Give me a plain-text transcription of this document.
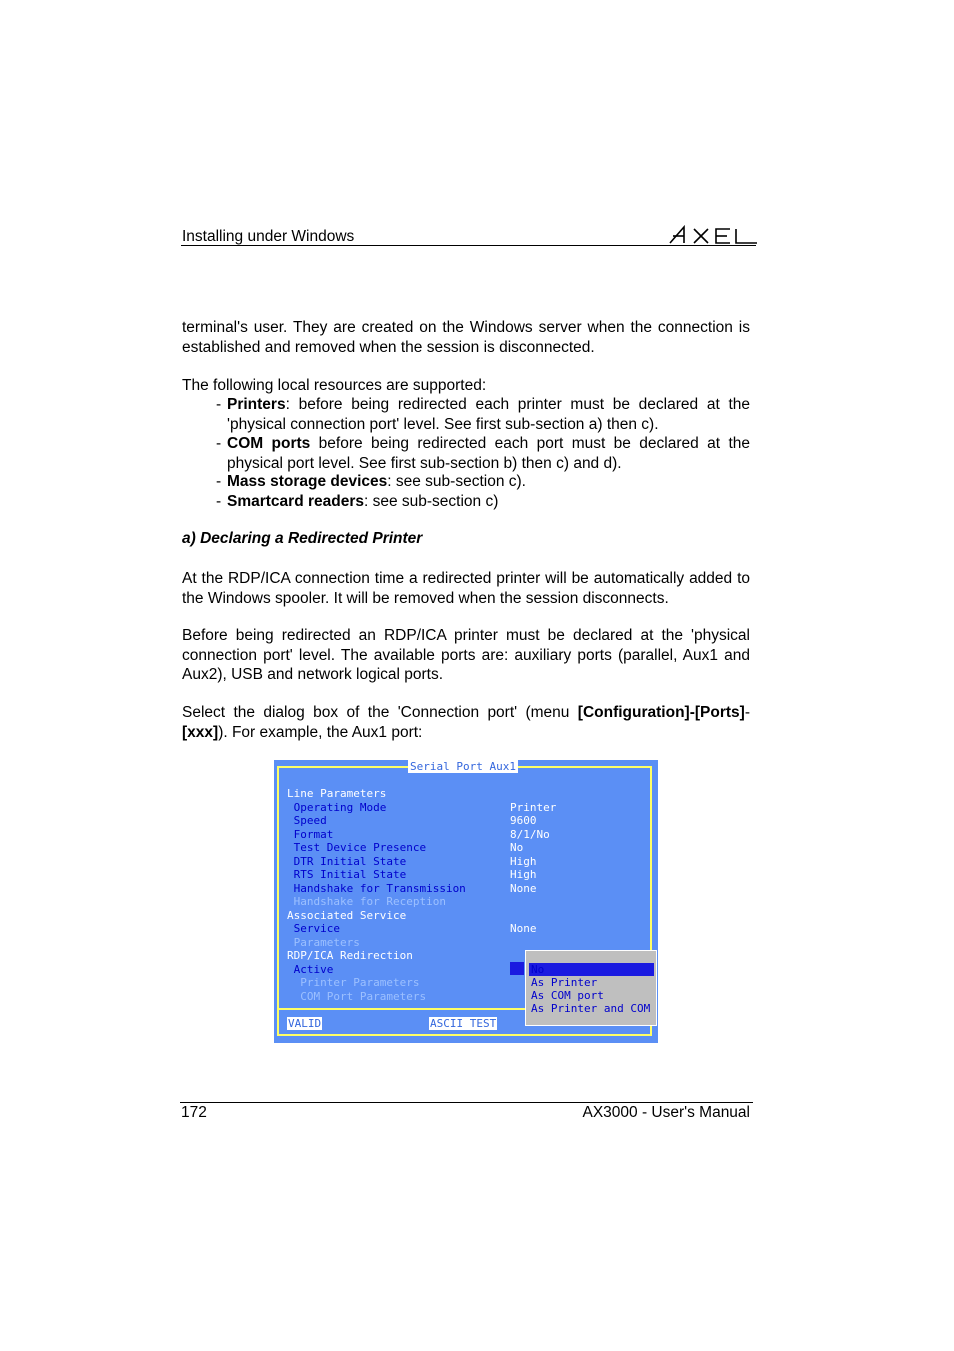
Installing under Windows
terminal's user. They are created on the Windows server when the connection is established and removed when the session is disconnected.
The following local resources are supported:
- Printers: before being redirected each printer must be declared at the 'physical connection port' level. See first sub-section a) then c).
- COM ports before being redirected each port must be declared at the physical port level. See first sub-section b) then c) and d).
- Mass storage devices: see sub-section c).
- Smartcard readers: see sub-section c)
a) Declaring a Redirected Printer
At the RDP/ICA connection time a redirected printer will be automatically added to the Windows spooler. It will be removed when the session disconnects.
Before being redirected an RDP/ICA printer must be declared at the 'physical connection port' level. The available ports are: auxiliary ports (parallel, Aux1 and Aux2), USB and network logical ports.
Select the dialog box of the 'Connection port' (menu [Configuration]-[Ports]-[xxx]). For example, the Aux1 port:
Serial Port Aux1
Line Parameters
Operating Mode	Printer
Speed	9600
Format	8/1/No
Test Device Presence	No
DTR Initial State	High
RTS Initial State	High
Handshake for Transmission	None
Handshake for Reception
Associated Service
Service	None
Parameters
RDP/ICA Redirection
Active
Printer Parameters
COM Port Parameters
No
As Printer
As COM port
As Printer and COM
VALID	ASCII TEST
172	AX3000 - User's Manual
